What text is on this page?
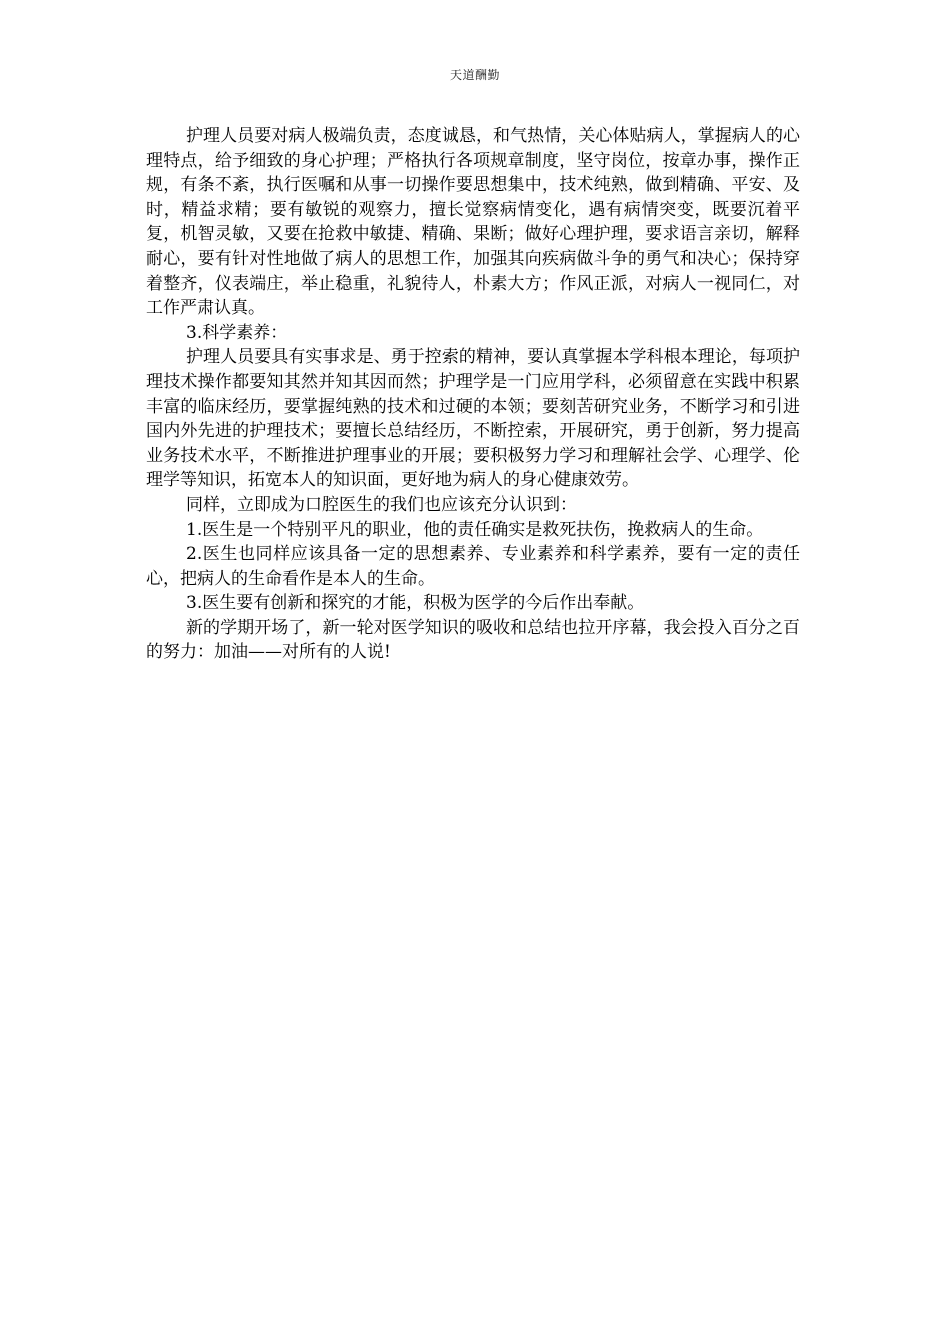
天道酬勤

护理人员要对病人极端负责，态度诚恳，和气热情，关心体贴病人，掌握病人的心理特点，给予细致的身心护理；严格执行各项规章制度，坚守岗位，按章办事，操作正规，有条不紊，执行医嘱和从事一切操作要思想集中，技术纯熟，做到精确、平安、及时，精益求精；要有敏锐的观察力，擅长觉察病情变化，遇有病情突变，既要沉着平复，机智灵敏，又要在抢救中敏捷、精确、果断；做好心理护理，要求语言亲切，解释耐心，要有针对性地做了病人的思想工作，加强其向疾病做斗争的勇气和决心；保持穿着整齐，仪表端庄，举止稳重，礼貌待人，朴素大方；作风正派，对病人一视同仁，对工作严肃认真。

3.科学素养：

护理人员要具有实事求是、勇于控索的精神，要认真掌握本学科根本理论，每项护理技术操作都要知其然并知其因而然；护理学是一门应用学科，必须留意在实践中积累丰富的临床经历，要掌握纯熟的技术和过硬的本领；要刻苦研究业务，不断学习和引进国内外先进的护理技术；要擅长总结经历，不断控索，开展研究，勇于创新，努力提高业务技术水平，不断推进护理事业的开展；要积极努力学习和理解社会学、心理学、伦理学等知识，拓宽本人的知识面，更好地为病人的身心健康效劳。

同样，立即成为口腔医生的我们也应该充分认识到：

1.医生是一个特别平凡的职业，他的责任确实是救死扶伤，挽救病人的生命。

2.医生也同样应该具备一定的思想素养、专业素养和科学素养，要有一定的责任心，把病人的生命看作是本人的生命。

3.医生要有创新和探究的才能，积极为医学的今后作出奉献。

新的学期开场了，新一轮对医学知识的吸收和总结也拉开序幕，我会投入百分之百的努力：加油——对所有的人说!
